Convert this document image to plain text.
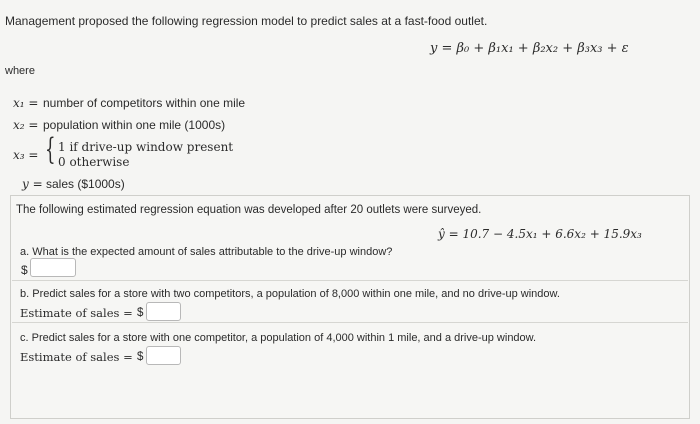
Management proposed the following regression model to predict sales at a fast-food outlet.
y = β₀ + β₁x₁ + β₂x₂ + β₃x₃ + ε
where
x₁ = number of competitors within one mile
x₂ = population within one mile (1000s)
x₃ = { 1 if drive-up window present
0 otherwise
y = sales ($1000s)
The following estimated regression equation was developed after 20 outlets were surveyed.
ŷ = 10.7 − 4.5x₁ + 6.6x₂ + 15.9x₃
a. What is the expected amount of sales attributable to the drive-up window?
$
b. Predict sales for a store with two competitors, a population of 8,000 within one mile, and no drive-up window.
Estimate of sales = $
c. Predict sales for a store with one competitor, a population of 4,000 within 1 mile, and a drive-up window.
Estimate of sales = $
